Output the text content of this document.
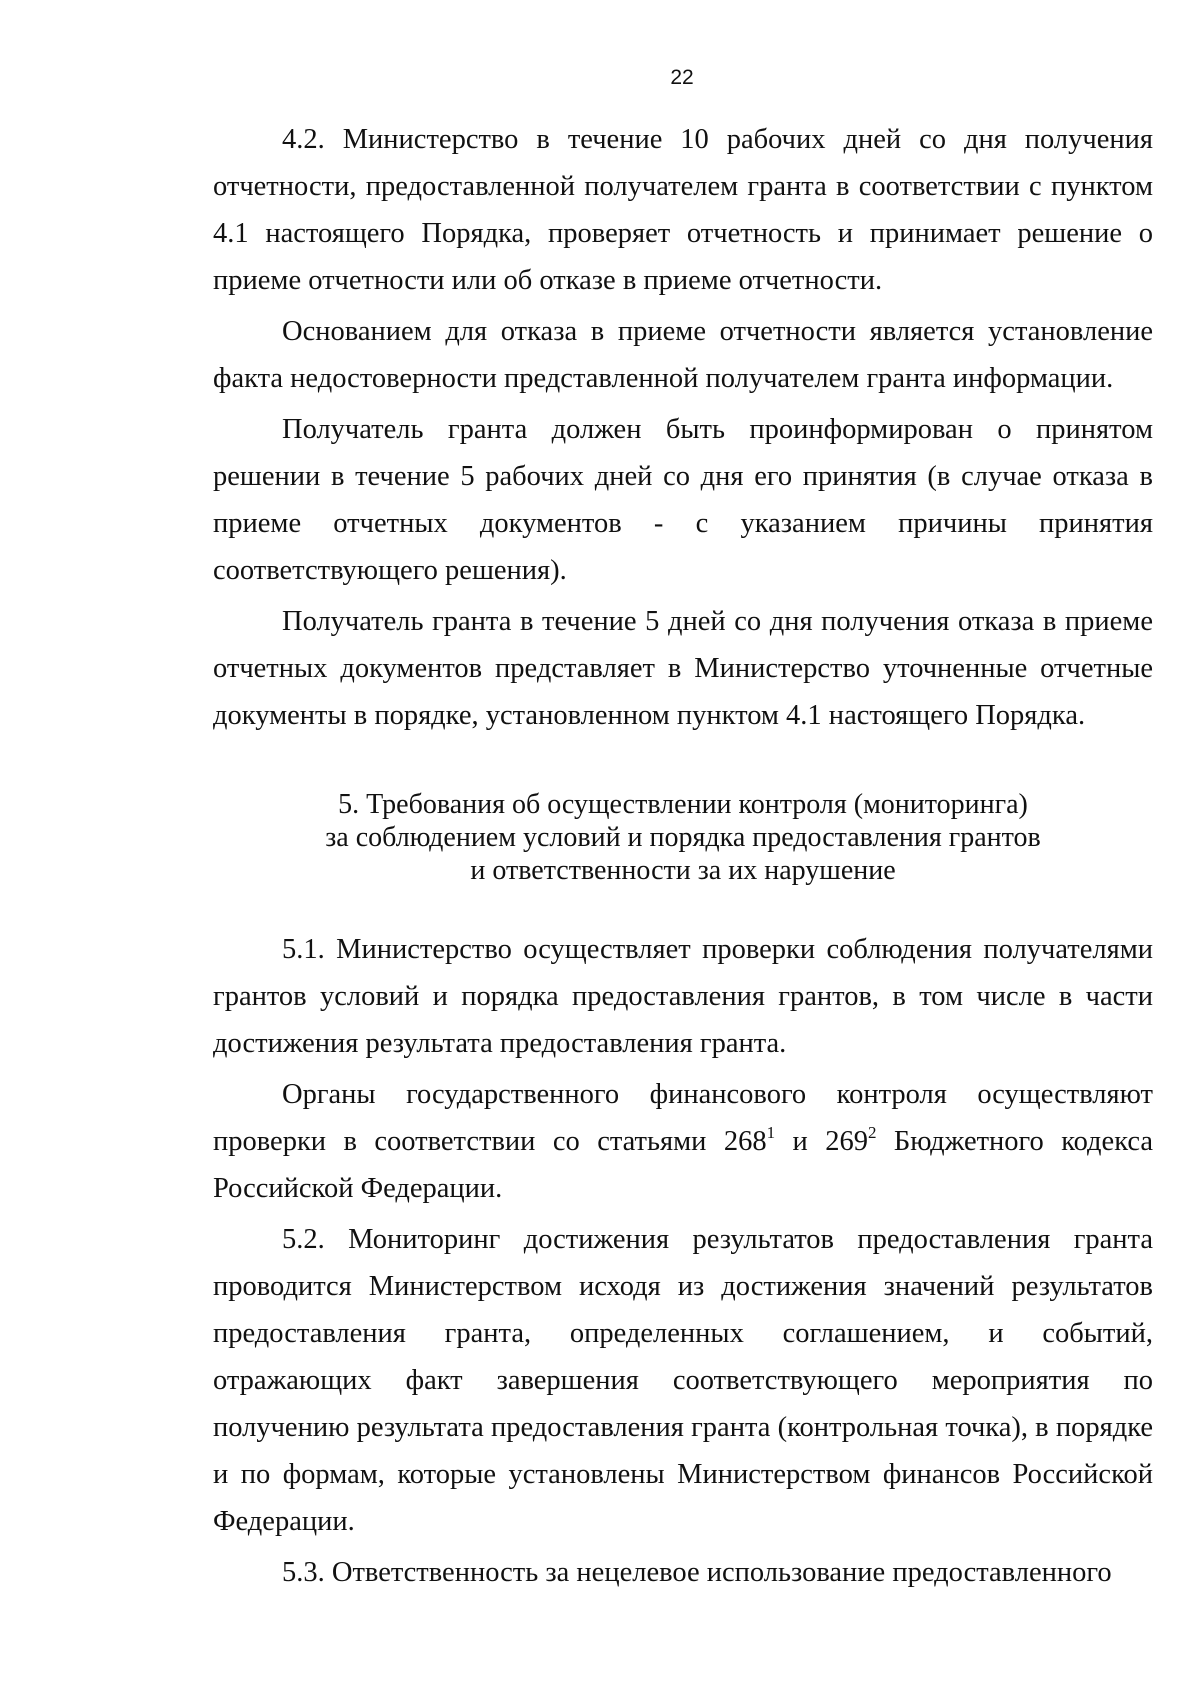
22

4.2. Министерство в течение 10 рабочих дней со дня получения отчетности, предоставленной получателем гранта в соответствии с пунктом 4.1 настоящего Порядка, проверяет отчетность и принимает решение о приеме отчетности или об отказе в приеме отчетности.

Основанием для отказа в приеме отчетности является установление факта недостоверности представленной получателем гранта информации.

Получатель гранта должен быть проинформирован о принятом решении в течение 5 рабочих дней со дня его принятия (в случае отказа в приеме отчетных документов - с указанием причины принятия соответствующего решения).

Получатель гранта в течение 5 дней со дня получения отказа в приеме отчетных документов представляет в Министерство уточненные отчетные документы в порядке, установленном пунктом 4.1 настоящего Порядка.

5. Требования об осуществлении контроля (мониторинга)
за соблюдением условий и порядка предоставления грантов
и ответственности за их нарушение

5.1. Министерство осуществляет проверки соблюдения получателями грантов условий и порядка предоставления грантов, в том числе в части достижения результата предоставления гранта.

Органы государственного финансового контроля осуществляют проверки в соответствии со статьями $268^1$ и $269^2$ Бюджетного кодекса Российской Федерации.

5.2. Мониторинг достижения результатов предоставления гранта проводится Министерством исходя из достижения значений результатов предоставления гранта, определенных соглашением, и событий, отражающих факт завершения соответствующего мероприятия по получению результата предоставления гранта (контрольная точка), в порядке и по формам, которые установлены Министерством финансов Российской Федерации.

5.3. Ответственность за нецелевое использование предоставленного
